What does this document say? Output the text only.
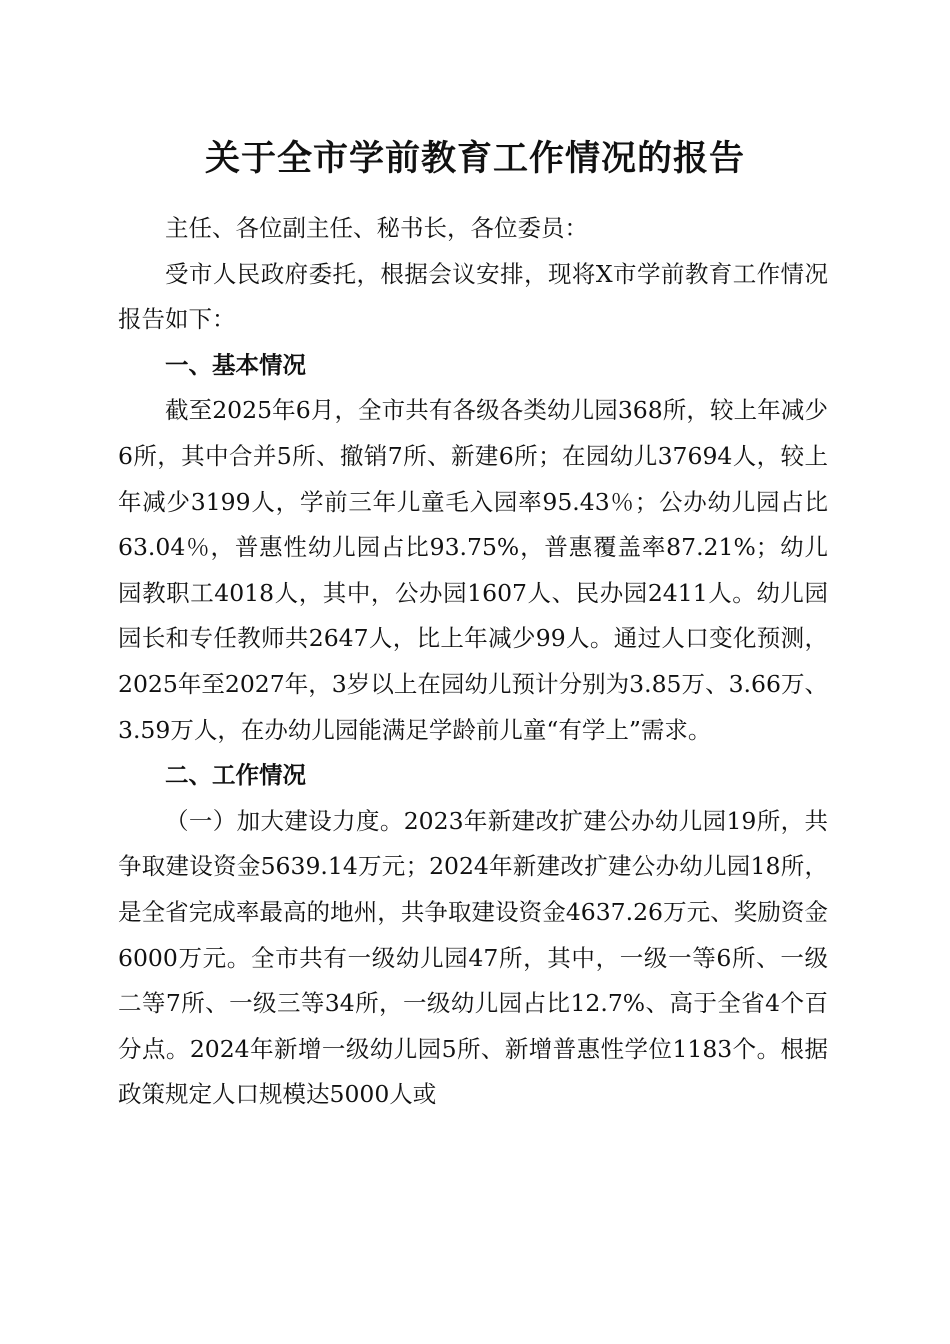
关于全市学前教育工作情况的报告

主任、各位副主任、秘书长，各位委员：

受市人民政府委托，根据会议安排，现将X市学前教育工作情况报告如下：

一、基本情况

截至2025年6月，全市共有各级各类幼儿园368所，较上年减少6所，其中合并5所、撤销7所、新建6所；在园幼儿37694人，较上年减少3199人，学前三年儿童毛入园率95.43％；公办幼儿园占比63.04％，普惠性幼儿园占比93.75%，普惠覆盖率87.21%；幼儿园教职工4018人，其中，公办园1607人、民办园2411人。幼儿园园长和专任教师共2647人，比上年减少99人。通过人口变化预测，2025年至2027年，3岁以上在园幼儿预计分别为3.85万、3.66万、3.59万人，在办幼儿园能满足学龄前儿童“有学上”需求。

二、工作情况

（一）加大建设力度。2023年新建改扩建公办幼儿园19所，共争取建设资金5639.14万元；2024年新建改扩建公办幼儿园18所，是全省完成率最高的地州，共争取建设资金4637.26万元、奖励资金6000万元。全市共有一级幼儿园47所，其中，一级一等6所、一级二等7所、一级三等34所，一级幼儿园占比12.7%、高于全省4个百分点。2024年新增一级幼儿园5所、新增普惠性学位1183个。根据政策规定人口规模达5000人或
